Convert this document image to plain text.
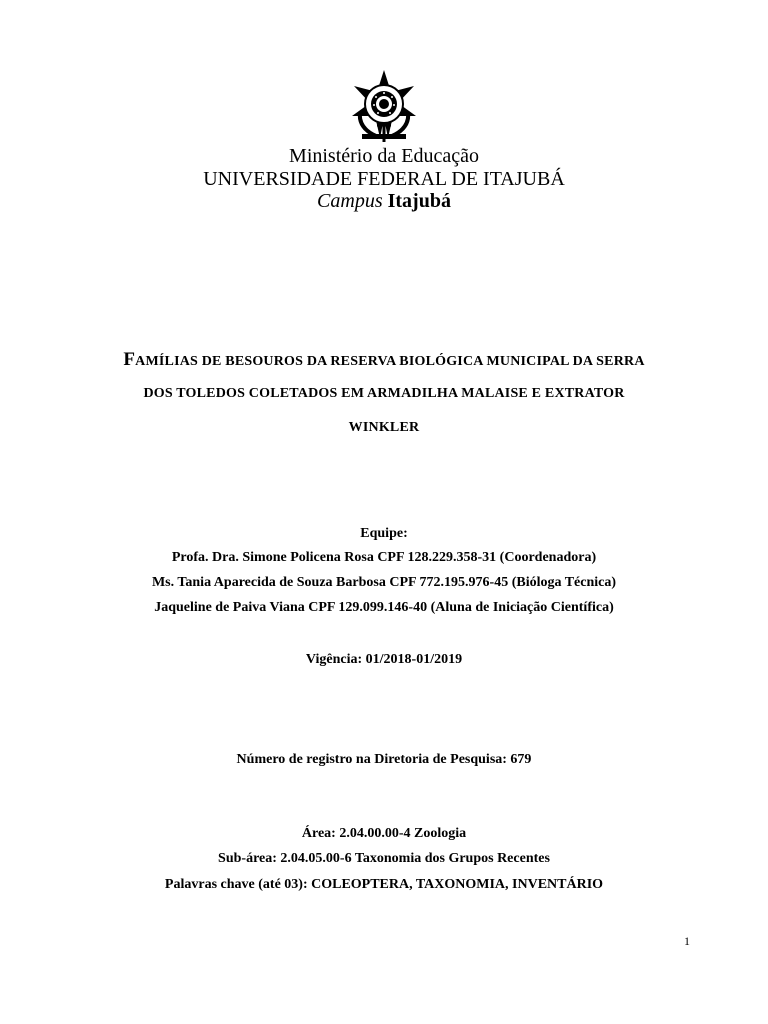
Ministério da Educação
UNIVERSIDADE FEDERAL DE ITAJUBÁ
Campus Itajubá
FAMÍLIAS DE BESOUROS DA RESERVA BIOLÓGICA MUNICIPAL DA SERRA
DOS TOLEDOS COLETADOS EM ARMADILHA MALAISE E EXTRATOR
WINKLER
Equipe:
Profa. Dra. Simone Policena Rosa CPF 128.229.358-31 (Coordenadora)
Ms. Tania Aparecida de Souza Barbosa CPF 772.195.976-45 (Bióloga Técnica)
Jaqueline de Paiva Viana CPF 129.099.146-40 (Aluna de Iniciação Científica)
Vigência: 01/2018-01/2019
Número de registro na Diretoria de Pesquisa: 679
Área: 2.04.00.00-4 Zoologia
Sub-área: 2.04.05.00-6 Taxonomia dos Grupos Recentes
Palavras chave (até 03): COLEOPTERA, TAXONOMIA, INVENTÁRIO
1
